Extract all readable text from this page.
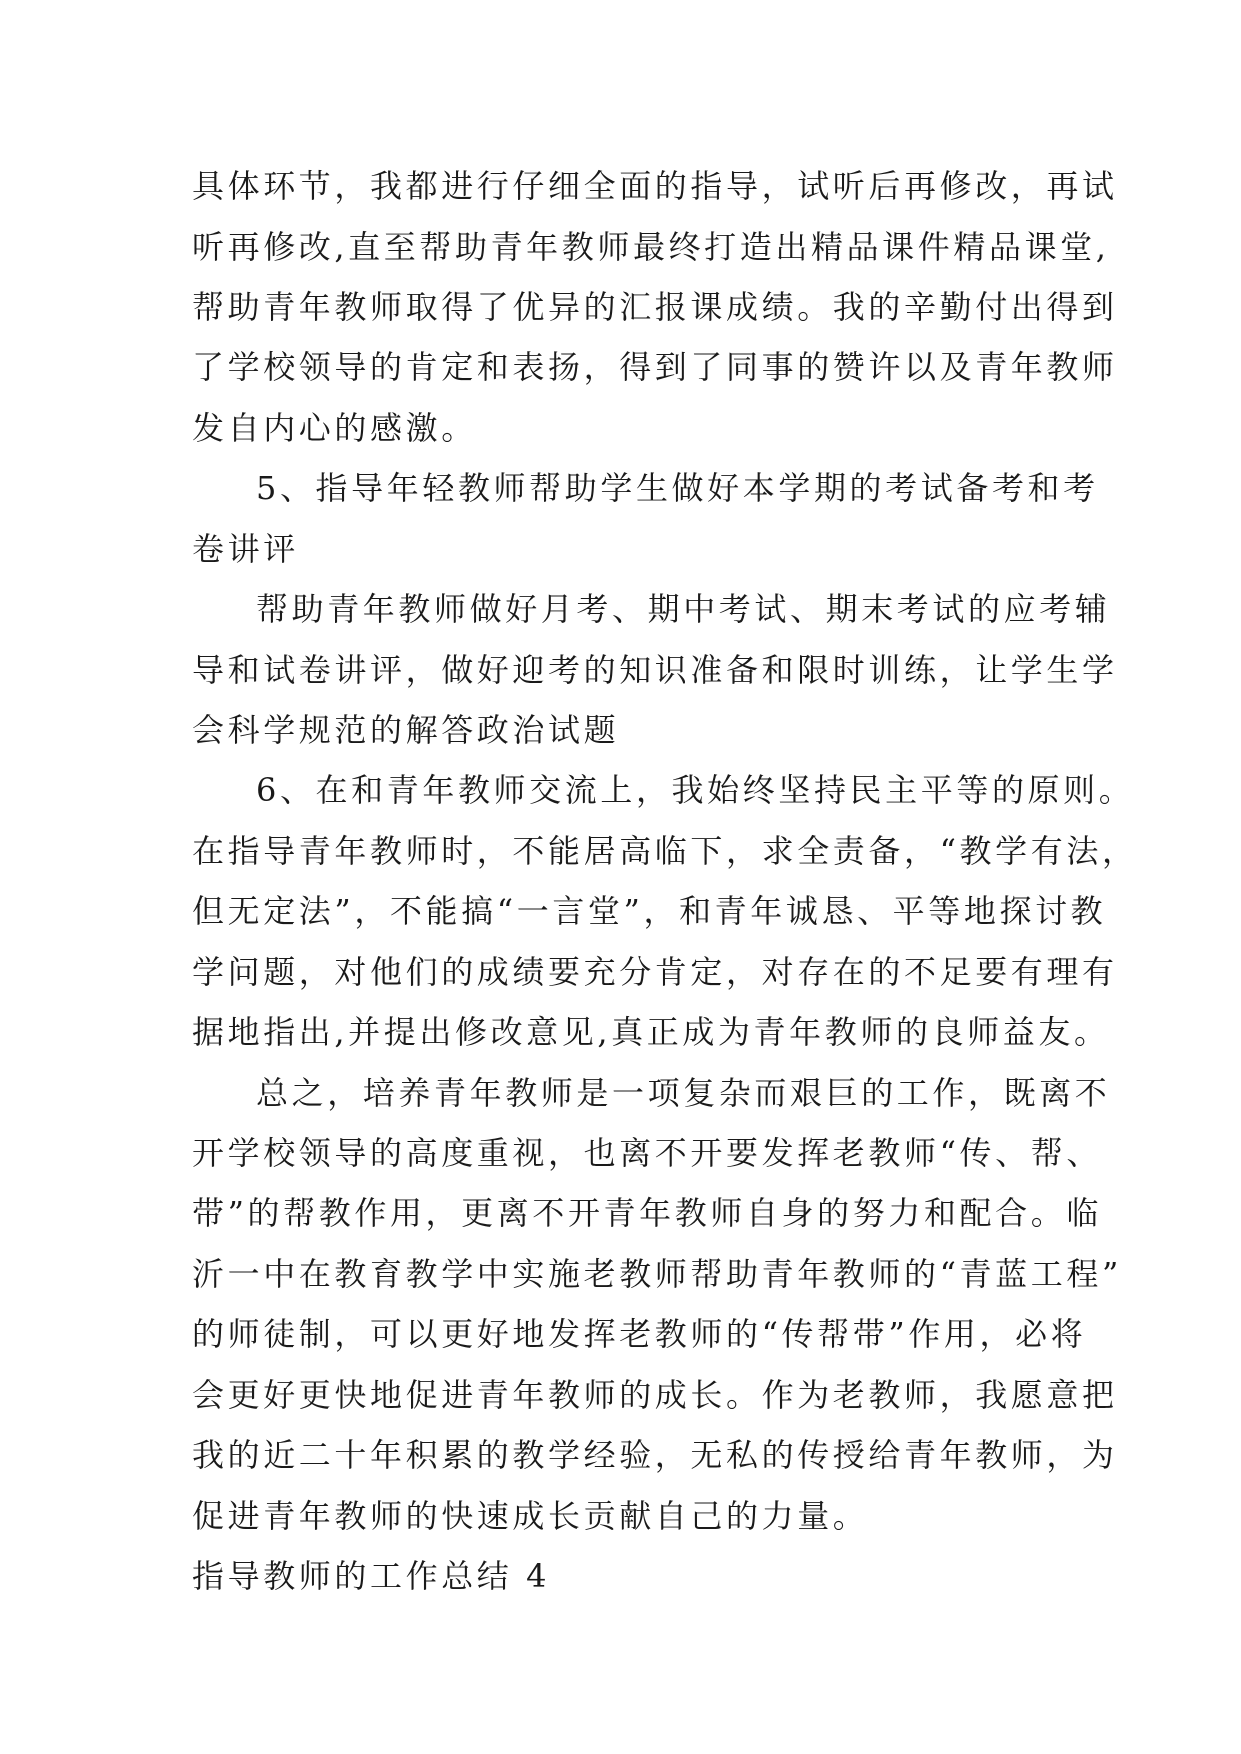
具体环节，我都进行仔细全面的指导，试听后再修改，再试
听再修改,直至帮助青年教师最终打造出精品课件精品课堂,
帮助青年教师取得了优异的汇报课成绩。我的辛勤付出得到
了学校领导的肯定和表扬，得到了同事的赞许以及青年教师
发自内心的感激。
5、指导年轻教师帮助学生做好本学期的考试备考和考
卷讲评
帮助青年教师做好月考、期中考试、期末考试的应考辅
导和试卷讲评，做好迎考的知识准备和限时训练，让学生学
会科学规范的解答政治试题
6、在和青年教师交流上，我始终坚持民主平等的原则。
在指导青年教师时，不能居高临下，求全责备，“教学有法，
但无定法”，不能搞“一言堂”，和青年诚恳、平等地探讨教
学问题，对他们的成绩要充分肯定，对存在的不足要有理有
据地指出,并提出修改意见,真正成为青年教师的良师益友。
总之，培养青年教师是一项复杂而艰巨的工作，既离不
开学校领导的高度重视，也离不开要发挥老教师“传、帮、
带”的帮教作用，更离不开青年教师自身的努力和配合。临
沂一中在教育教学中实施老教师帮助青年教师的“青蓝工程”
的师徒制，可以更好地发挥老教师的“传帮带”作用，必将
会更好更快地促进青年教师的成长。作为老教师，我愿意把
我的近二十年积累的教学经验，无私的传授给青年教师，为
促进青年教师的快速成长贡献自己的力量。
指导教师的工作总结 4
